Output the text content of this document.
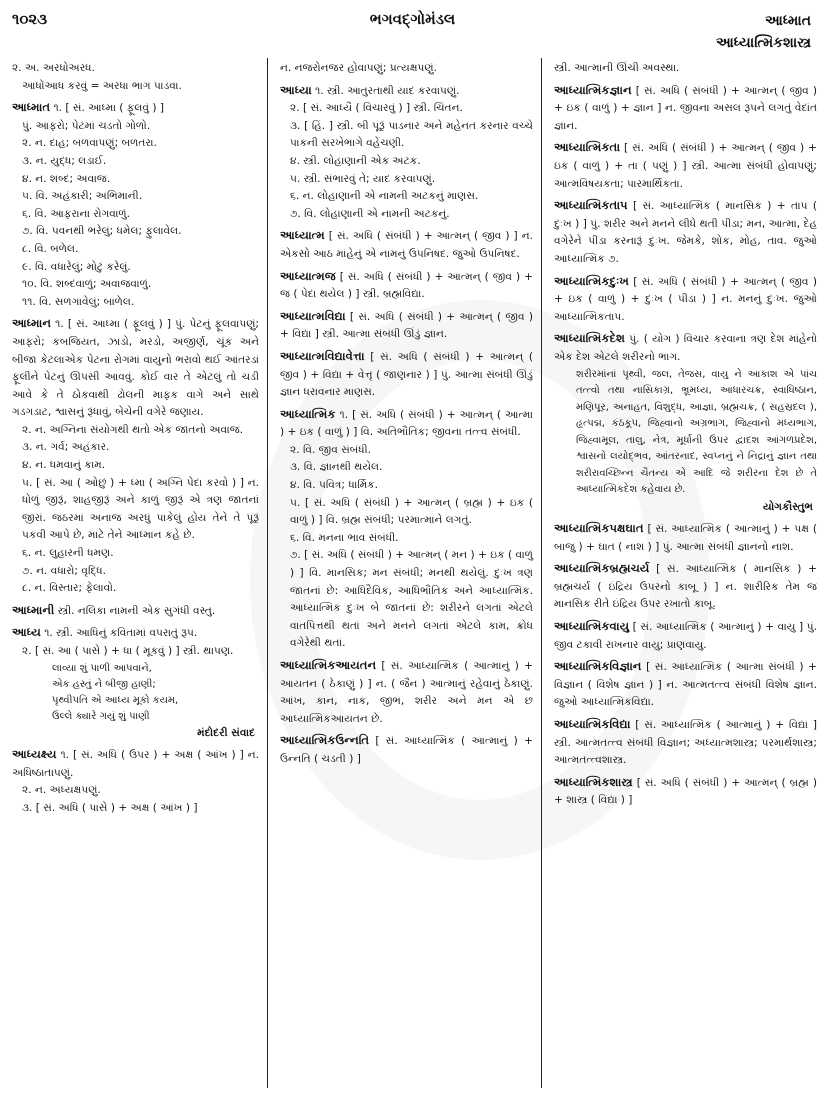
૧૦૨૩	ભગવદ્ગોમંડલ	આધ્માત
આધ્યાત્મિકશાસ્ત્ર
૨. અ. અરધોઅરધ.
આધોંઆધ કરવું = અરધા ભાગ પાડવા.
આધ્માત ૧. [ સં. આધ્મા ( ફૂલવું ) ]
પું. આફરો; પેટમાં ચડતો ગોળો.
૨. ન. દાહ; બળવાપણું; બળતરા.
૩. ન. યુદ્ધ; લડાઈ.
૪. ન. શબ્દ; અવાજ.
૫. વિ. અહંકારી; અભિમાની.
૬. વિ. આફરાના રોગવાળું.
૭. વિ. પવનથી ભરેલું; ધમેલ; ફુલાવેલ.
૮. વિ. બળેલ.
૯. વિ. વધારેલું; મોટું કરેલું.
૧૦. વિ. શબ્દવાળું; અવાજવાળું.
૧૧. વિ. સળગાવેલું; બાળેલ.
આધ્માન ૧. [ સં. આધ્મા ( ફૂલવું ) ] પું. પેટનું ફૂલવાપણું; આફરો; કબજિયત, ઝાડો, મરડો, અજીર્ણ, ચૂંક અને બીજા કેટલાએક પેટના રોગમાં વાયુનો ભરાવો થઈ આંતરડાં ફૂલીને પેટનું ઊપસી આવવું. કોઈ વાર તે એટલું તો ચડી આવે કે તે ઠોકવાથી ઢોલની માફક વાગે અને સાથે ગડગડાટ, શ્વાસનું રૂંધાવું, બેચેની વગેરે જણાય.
૨. ન. અગ્નિના સંયોગથી થતો એક જાતનો અવાજ.
૩. ન. ગર્વ; અહંકાર.
૪. ન. ધમવાનું કામ.
૫. [ સં. આ ( ઓછું ) + ધ્મા ( અગ્નિ પેદા કરવો ) ] ન. ધોળું જીરૂં, શાહજીરૂં અને કાળું જીરૂં એ ત્રણ જાતનાં જીરાં. જઠરમાં અનાજ અરધું પાકેલું હોય તેને તે પૂરૂં પકવી આપે છે, માટે તેને આધ્માન કહે છે.
૬. ન. લુહારની ધમણ.
૭. ન. વધારો; વૃદ્ધિ.
૮. ન. વિસ્તાર; ફેલાવો.
આધ્માની સ્ત્રી. નલિકા નામની એક સુગંધી વસ્તુ.
આધ્ય ૧. સ્ત્રી. આધિનું કવિતામાં વપરાતું રૂપ.
૨. [ સં. આ ( પાસે ) + ધા ( મૂકવું ) ] સ્ત્રી. થાપણ.
લાવ્યા શું પાળી આપવાને,
એક હસ્તું ને બીજી હાણી;
પૃથ્વીપતિ એ આધ્ય મૂકો કયમ,
ઉલ્લે ક્યારે ગયું શું પાણી
મંદોદરી સંવાદ
આધ્યક્ષ્ય ૧. [ સં. અધિ ( ઉપર ) + અક્ષ ( આંખ ) ] ન. અધિષ્ઠાતાપણું.
૨. ન. અધ્યક્ષપણું.
૩. [ સં. અધિ ( પાસે ) + અક્ષ ( આંખ ) ]
ન. નજરોનજર હોવાપણું; પ્રત્યક્ષપણું.
આધ્યા ૧. સ્ત્રી. આતુરતાથી યાદ કરવાપણું.
૨. [ સં. આધ્યૈ ( વિચારવું ) ] સ્ત્રી. ચિંતન.
૩. [ હિં. ] સ્ત્રી. બી પૂરૂં પાડનાર અને મહેનત કરનાર વચ્ચે પાકની સરખેભાગે વહેંચણી.
૪. સ્ત્રી. લોહાણાની એક અટક.
૫. સ્ત્રી. સંભારવું તે; યાદ કરવાપણું.
૬. ન. લોહાણાની એ નામની અટકનું માણસ.
૭. વિ. લોહાણાની એ નામની અટકનું.
આધ્યાત્મ [ સં. અધિ ( સંબંધી ) + આત્મન્ ( જીવ ) ] ન. એકસો આઠ માંહેનું એ નામનું ઉપનિષદ. જુઓ ઉપનિષદ.
આધ્યાત્મજ [ સં. અધિ ( સંબંધી ) + આત્મન્ ( જીવ ) + જ ( પેદા થયેલ ) ] સ્ત્રી. બ્રહ્મવિદ્યા.
આધ્યાત્મવિદ્યા [ સં. અધિ ( સંબંધી ) + આત્મન્ ( જીવ ) + વિદ્યા ] સ્ત્રી. આત્મા સંબંધી ઊંડું જ્ઞાન.
આધ્યાત્મવિદ્યાવેત્તા [ સં. અધિ ( સંબંધી ) + આત્મન્ ( જીવ ) + વિદ્યા + વેત્તૃ ( જાણનાર ) ] પું. આત્મા સંબંધી ઊંડું જ્ઞાન ધરાવનાર માણસ.
આધ્યાત્મિક ૧. [ સં. અધિ ( સંબંધી ) + આત્મન્ ( આત્મા ) + ઇક ( વાળું ) ] વિ. અતિભૌતિક; જીવના તત્ત્વ સંબંધી.
૨. વિ. જીવ સંબંધી.
૩. વિ. જ્ઞાનથી થયેલ.
૪. વિ. પવિત્ર; ધાર્મિક.
૫. [ સં. અધિ ( સંબંધી ) + આત્મન્ ( બ્રહ્મ ) + ઇક ( વાળું ) ] વિ. બ્રહ્મ સંબંધી; પરમાત્માને લગતું.
૬. વિ. મનના ભાવ સંબંધી.
૭. [ સં. અધિ ( સંબંધી ) + આત્મન્ ( મન ) + ઇક ( વાળું ) ] વિ. માનસિક; મન સંબંધી; મનથી થયેલું. દુઃખ ત્રણ જાતનાં છે: આધિદૈવિક, આધિભૌતિક અને આધ્યાત્મિક. આધ્યાત્મિક દુઃખ બે જાતનાં છે: શરીરને લગતાં એટલે વાતપિત્તથી થતાં અને મનને લગતાં એટલે કામ, ક્રોધ વગેરેથી થતાં.
આધ્યાત્મિકઆયતન [ સં. આધ્યાત્મિક ( આત્માનું ) + આયતન ( ઠેકાણું ) ] ન. ( જૈન ) આત્માનું રહેવાનું ઠેકાણું. આંખ, કાન, નાક, જીભ, શરીર અને મન એ છ આધ્યાત્મિકઆયતન છે.
આધ્યાત્મિકઉન્નતિ [ સં. આધ્યાત્મિક ( આત્માનું ) + ઉન્નતિ ( ચડતી ) ]
સ્ત્રી. આત્માની ઊંચી અવસ્થા.
આધ્યાત્મિકજ્ઞાન [ સં. અધિ ( સંબંધી ) + આત્મન્ ( જીવ ) + ઇક ( વાળું ) + જ્ઞાન ] ન. જીવના અસલ રૂપને લગતું વેદાંત જ્ઞાન.
આધ્યાત્મિકતા [ સં. અધિ ( સંબંધી ) + આત્મન્ ( જીવ ) + ઇક ( વાળું ) + તા ( પણું ) ] સ્ત્રી. આત્મા સંબંધી હોવાપણું; આત્મવિષયકતા; પારમાર્થિકતા.
આધ્યાત્મિકતાપ [ સં. આધ્યાત્મિક ( માનસિક ) + તાપ ( દુઃખ ) ] પું. શરીર અને મનને લીધે થતી પીડા; મન, આત્મા, દેહ વગેરેને પીડા કરનારૂં દુઃખ. જેમકે, શોક, મોહ, તાવ. જુઓ આધ્યાત્મિક ૭.
આધ્યાત્મિકદુઃખ [ સં. અધિ ( સંબંધી ) + આત્મન્ ( જીવ ) + ઇક ( વાળું ) + દુઃખ ( પીડા ) ] ન. મનનું દુઃખ. જુઓ આધ્યાત્મિકતાપ.
આધ્યાત્મિકદેશ પું. ( યોગ ) વિચાર કરવાના ત્રણ દેશ માંહેનો એક દેશ એટલે શરીરનો ભાગ.
શરીરમાંનાં પૃથ્વી, જલ, તેજસ, વાયુ ને આકાશ એ પાંચ તત્ત્વો તથા નાસિકાગ્ર, ભ્રૂમધ્ય, આધારચક્ર, સ્વાધિષ્ઠાન, મણિપૂર, અનાહત, વિશુદ્ધ, આજ્ઞા, બ્રહ્મચક્ર, ( સહસ્રદલ ), હૃત્પદ્મ, કંઠકૂપ, જિહ્વાનો અગ્રભાગ, જિહ્વાનો મધ્યભાગ, જિહ્વામૂલ, તાલુ, નેત્ર, મૂર્ધાની ઉપર દ્વાદશ આંગળપ્રદેશ, શ્વાસનો લયોદ્ભવ, આંતરનાદ, સ્વપ્નનું ને નિદ્રાનું જ્ઞાન તથા શરીરાવચ્છિન્ન ચૈતન્ય એ આદિ જે શરીરના દેશ છે તે આધ્યાત્મિકદેશ કહેવાય છે.
યોગકૌસ્તુભ
આધ્યાત્મિકપક્ષઘાત [ સં. આધ્યાત્મિક ( આત્માનું ) + પક્ષ ( બાજુ ) + ઘાત ( નાશ ) ] પું. આત્મા સંબંધી જ્ઞાનનો નાશ.
આધ્યાત્મિકબ્રહ્મચર્ય [ સં. આધ્યાત્મિક ( માનસિક ) + બ્રહ્મચર્ય ( ઇંદ્રિય ઉપરનો કાબૂ ) ] ન. શારીરિક તેમ જ માનસિક રીતે ઇંદ્રિય ઉપર રખાતો કાબૂ.
આધ્યાત્મિકવાયુ [ સં. આધ્યાત્મિક ( આત્માનું ) + વાયુ ] પું. જીવ ટકાવી રાખનાર વાયુ; પ્રાણવાયુ.
આધ્યાત્મિકવિજ્ઞાન [ સં. આધ્યાત્મિક ( આત્મા સંબંધી ) + વિજ્ઞાન ( વિશેષ જ્ઞાન ) ] ન. આત્મતત્ત્વ સંબંધી વિશેષ જ્ઞાન. જુઓ આધ્યાત્મિકવિદ્યા.
આધ્યાત્મિકવિદ્યા [ સં. આધ્યાત્મિક ( આત્માનું ) + વિદ્યા ] સ્ત્રી. આત્મતત્ત્વ સંબંધી વિજ્ઞાન; અધ્યાત્મશાસ્ત્ર; પરમાર્થશાસ્ત્ર; આત્મતત્ત્વશાસ્ત્ર.
આધ્યાત્મિકશાસ્ત્ર [ સં. અધિ ( સંબંધી ) + આત્મન્ ( બ્રહ્મ ) + શાસ્ત્ર ( વિદ્યા ) ]
